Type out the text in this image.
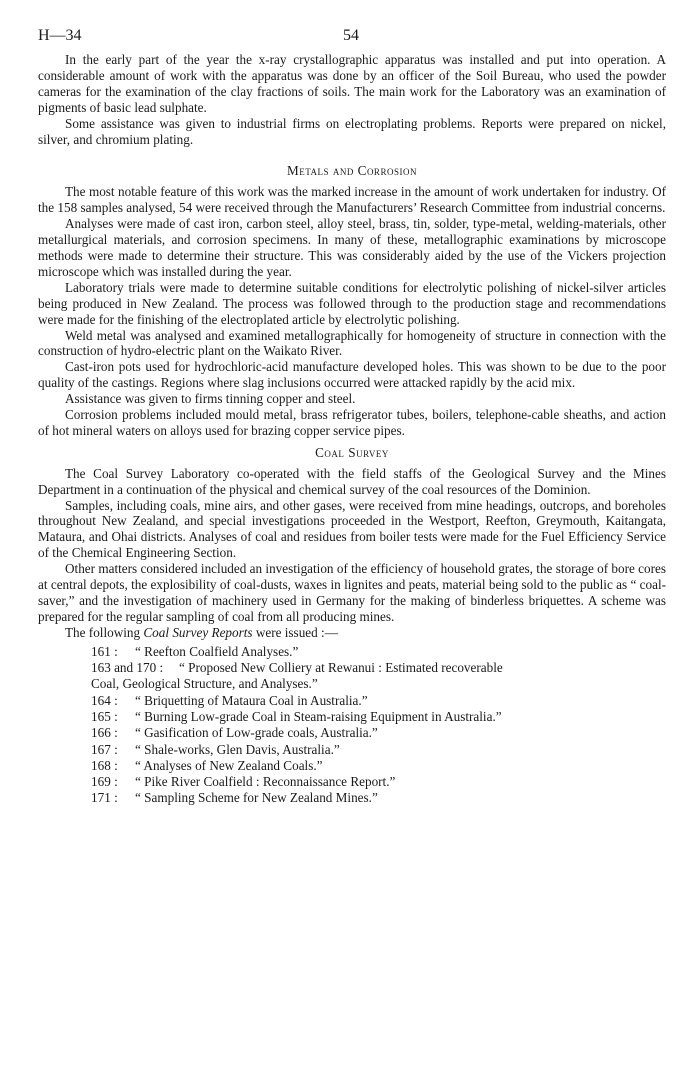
H—34	54

In the early part of the year the x-ray crystallographic apparatus was installed and put into operation. A considerable amount of work with the apparatus was done by an officer of the Soil Bureau, who used the powder cameras for the examination of the clay fractions of soils. The main work for the Laboratory was an examination of pigments of basic lead sulphate.

Some assistance was given to industrial firms on electroplating problems. Reports were prepared on nickel, silver, and chromium plating.

Metals and Corrosion

The most notable feature of this work was the marked increase in the amount of work undertaken for industry. Of the 158 samples analysed, 54 were received through the Manufacturers’ Research Committee from industrial concerns.

Analyses were made of cast iron, carbon steel, alloy steel, brass, tin, solder, type-metal, welding-materials, other metallurgical materials, and corrosion specimens. In many of these, metallographic examinations by microscope methods were made to determine their structure. This was considerably aided by the use of the Vickers projection microscope which was installed during the year.

Laboratory trials were made to determine suitable conditions for electrolytic polishing of nickel-silver articles being produced in New Zealand. The process was followed through to the production stage and recommendations were made for the finishing of the electroplated article by electrolytic polishing.

Weld metal was analysed and examined metallographically for homogeneity of structure in connection with the construction of hydro-electric plant on the Waikato River.

Cast-iron pots used for hydrochloric-acid manufacture developed holes. This was shown to be due to the poor quality of the castings. Regions where slag inclusions occurred were attacked rapidly by the acid mix.

Assistance was given to firms tinning copper and steel.

Corrosion problems included mould metal, brass refrigerator tubes, boilers, telephone-cable sheaths, and action of hot mineral waters on alloys used for brazing copper service pipes.

Coal Survey

The Coal Survey Laboratory co-operated with the field staffs of the Geological Survey and the Mines Department in a continuation of the physical and chemical survey of the coal resources of the Dominion.

Samples, including coals, mine airs, and other gases, were received from mine headings, outcrops, and boreholes throughout New Zealand, and special investigations proceeded in the Westport, Reefton, Greymouth, Kaitangata, Mataura, and Ohai districts. Analyses of coal and residues from boiler tests were made for the Fuel Efficiency Service of the Chemical Engineering Section.

Other matters considered included an investigation of the efficiency of household grates, the storage of bore cores at central depots, the explosibility of coal-dusts, waxes in lignites and peats, material being sold to the public as “ coal-saver,” and the investigation of machinery used in Germany for the making of binderless briquettes. A scheme was prepared for the regular sampling of coal from all producing mines.

The following Coal Survey Reports were issued :—

161 :	“ Reefton Coalfield Analyses.”
163 and 170 :	“ Proposed New Colliery at Rewanui : Estimated recoverable
Coal, Geological Structure, and Analyses.”
164 :	“ Briquetting of Mataura Coal in Australia.”
165 :	“ Burning Low-grade Coal in Steam-raising Equipment in Australia.”
166 :	“ Gasification of Low-grade coals, Australia.”
167 :	“ Shale-works, Glen Davis, Australia.”
168 :	“ Analyses of New Zealand Coals.”
169 :	“ Pike River Coalfield : Reconnaissance Report.”
171 :	“ Sampling Scheme for New Zealand Mines.”
